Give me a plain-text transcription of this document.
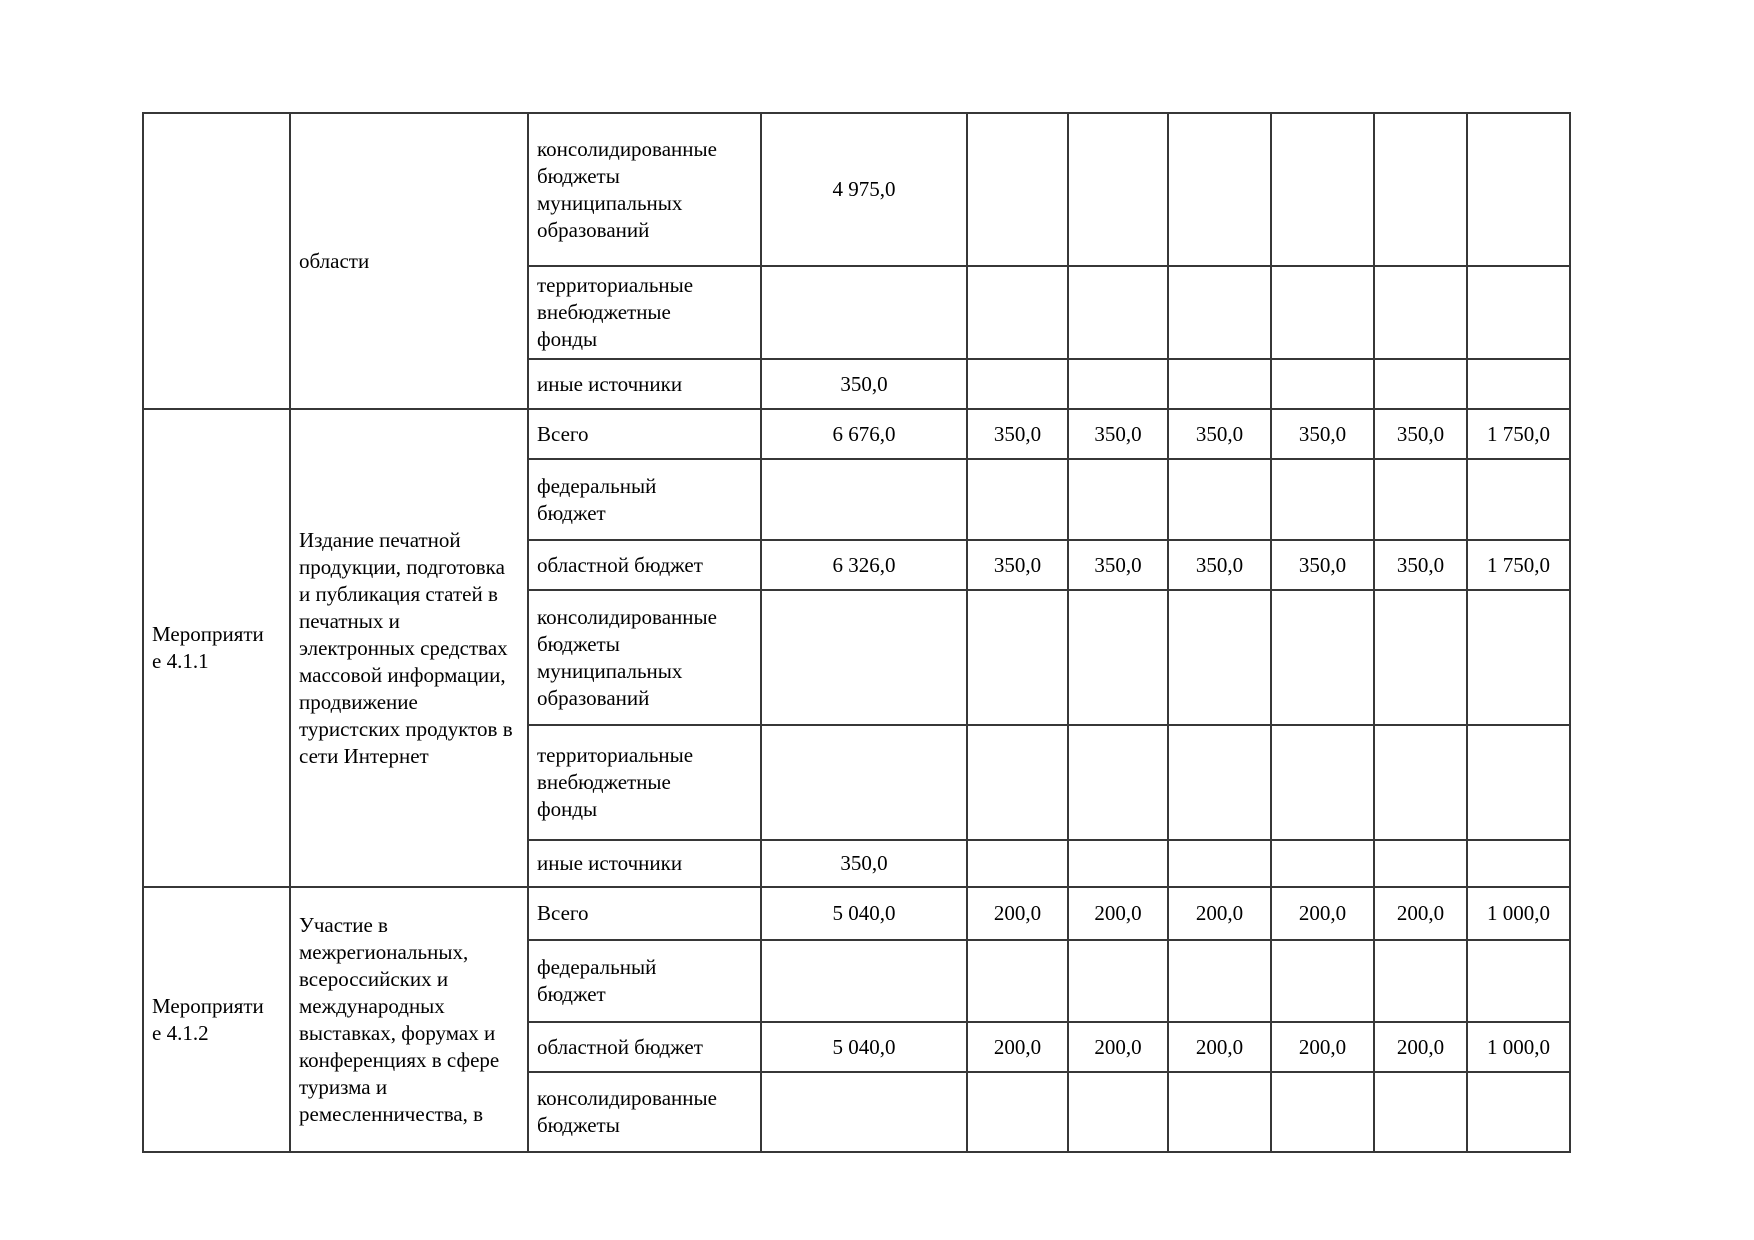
	области	консолидированные бюджеты муниципальных образований	4 975,0						

		территориальные внебюджетные фонды							

		иные источники	350,0						

Мероприятие 4.1.1	Издание печатной продукции, подготовка и публикация статей в печатных и электронных средствах массовой информации, продвижение туристских продуктов в сети Интернет	Всего	6 676,0	350,0	350,0	350,0	350,0	350,0	1 750,0

		федеральный бюджет							

		областной бюджет	6 326,0	350,0	350,0	350,0	350,0	350,0	1 750,0

		консолидированные бюджеты муниципальных образований							

		территориальные внебюджетные фонды							

		иные источники	350,0						

Мероприятие 4.1.2	Участие в межрегиональных, всероссийских и международных выставках, форумах и конференциях в сфере туризма и ремесленничества, в	Всего	5 040,0	200,0	200,0	200,0	200,0	200,0	1 000,0

		федеральный бюджет							

		областной бюджет	5 040,0	200,0	200,0	200,0	200,0	200,0	1 000,0

		консолидированные бюджеты							
